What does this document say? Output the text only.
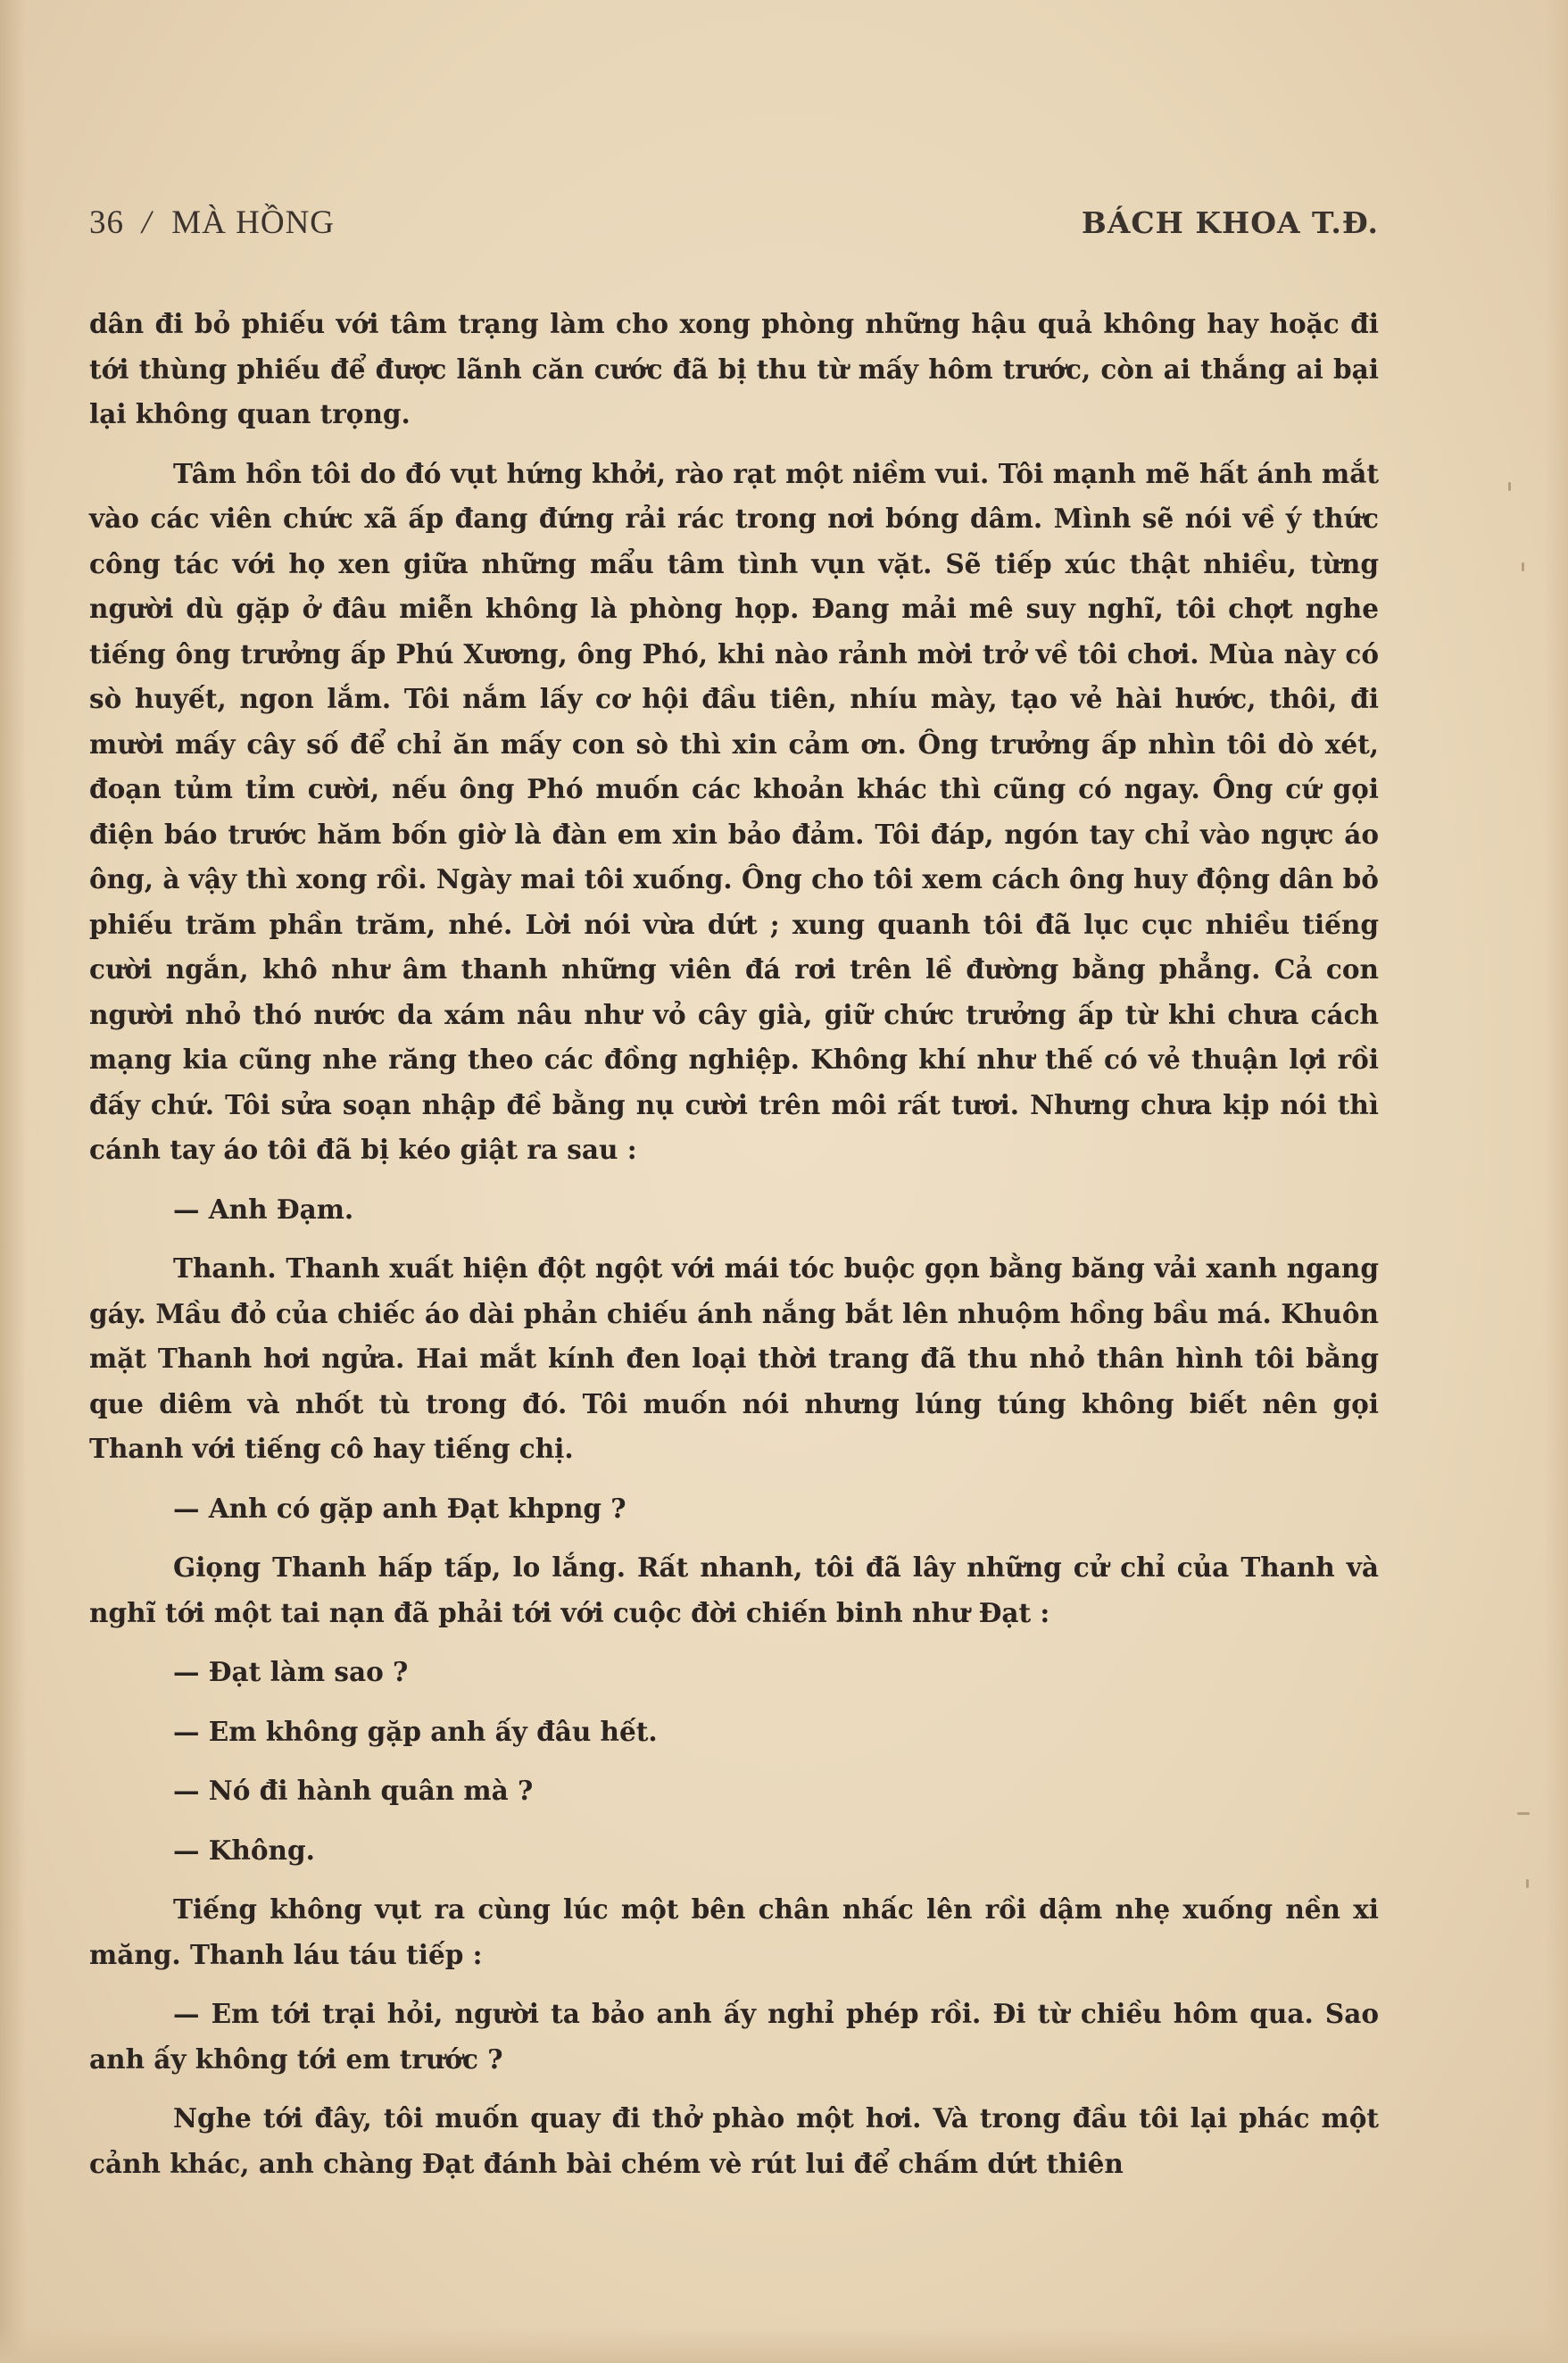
36 / MÀ HỒNG	BÁCH KHOA T.Đ.

dân đi bỏ phiếu với tâm trạng làm cho xong phòng những hậu quả không hay hoặc đi tới thùng phiếu để được lãnh căn cước đã bị thu từ mấy hôm trước, còn ai thắng ai bại lại không quan trọng.

Tâm hồn tôi do đó vụt hứng khởi, rào rạt một niềm vui. Tôi mạnh mẽ hất ánh mắt vào các viên chức xã ấp đang đứng rải rác trong nơi bóng dâm. Mình sẽ nói về ý thức công tác với họ xen giữa những mẩu tâm tình vụn vặt. Sẽ tiếp xúc thật nhiều, từng người dù gặp ở đâu miễn không là phòng họp. Đang mải mê suy nghĩ, tôi chợt nghe tiếng ông trưởng ấp Phú Xương, ông Phó, khi nào rảnh mời trở về tôi chơi. Mùa này có sò huyết, ngon lắm. Tôi nắm lấy cơ hội đầu tiên, nhíu mày, tạo vẻ hài hước, thôi, đi mười mấy cây số để chỉ ăn mấy con sò thì xin cảm ơn. Ông trưởng ấp nhìn tôi dò xét, đoạn tủm tỉm cười, nếu ông Phó muốn các khoản khác thì cũng có ngay. Ông cứ gọi điện báo trước hăm bốn giờ là đàn em xin bảo đảm. Tôi đáp, ngón tay chỉ vào ngực áo ông, à vậy thì xong rồi. Ngày mai tôi xuống. Ông cho tôi xem cách ông huy động dân bỏ phiếu trăm phần trăm, nhé. Lời nói vừa dứt ; xung quanh tôi đã lục cục nhiều tiếng cười ngắn, khô như âm thanh những viên đá rơi trên lề đường bằng phẳng. Cả con người nhỏ thó nước da xám nâu như vỏ cây già, giữ chức trưởng ấp từ khi chưa cách mạng kia cũng nhe răng theo các đồng nghiệp. Không khí như thế có vẻ thuận lợi rồi đấy chứ. Tôi sửa soạn nhập đề bằng nụ cười trên môi rất tươi. Nhưng chưa kịp nói thì cánh tay áo tôi đã bị kéo giật ra sau :

— Anh Đạm.

Thanh. Thanh xuất hiện đột ngột với mái tóc buộc gọn bằng băng vải xanh ngang gáy. Mầu đỏ của chiếc áo dài phản chiếu ánh nắng bắt lên nhuộm hồng bầu má. Khuôn mặt Thanh hơi ngửa. Hai mắt kính đen loại thời trang đã thu nhỏ thân hình tôi bằng que diêm và nhốt tù trong đó. Tôi muốn nói nhưng lúng túng không biết nên gọi Thanh với tiếng cô hay tiếng chị.

— Anh có gặp anh Đạt khpng ?

Giọng Thanh hấp tấp, lo lắng. Rất nhanh, tôi đã lây những cử chỉ của Thanh và nghĩ tới một tai nạn đã phải tới với cuộc đời chiến binh như Đạt :

— Đạt làm sao ?

— Em không gặp anh ấy đâu hết.

— Nó đi hành quân mà ?

— Không.

Tiếng không vụt ra cùng lúc một bên chân nhấc lên rồi dậm nhẹ xuống nền xi măng. Thanh láu táu tiếp :

— Em tới trại hỏi, người ta bảo anh ấy nghỉ phép rồi. Đi từ chiều hôm qua. Sao anh ấy không tới em trước ?

Nghe tới đây, tôi muốn quay đi thở phào một hơi. Và trong đầu tôi lại phác một cảnh khác, anh chàng Đạt đánh bài chém vè rút lui để chấm dứt thiên
